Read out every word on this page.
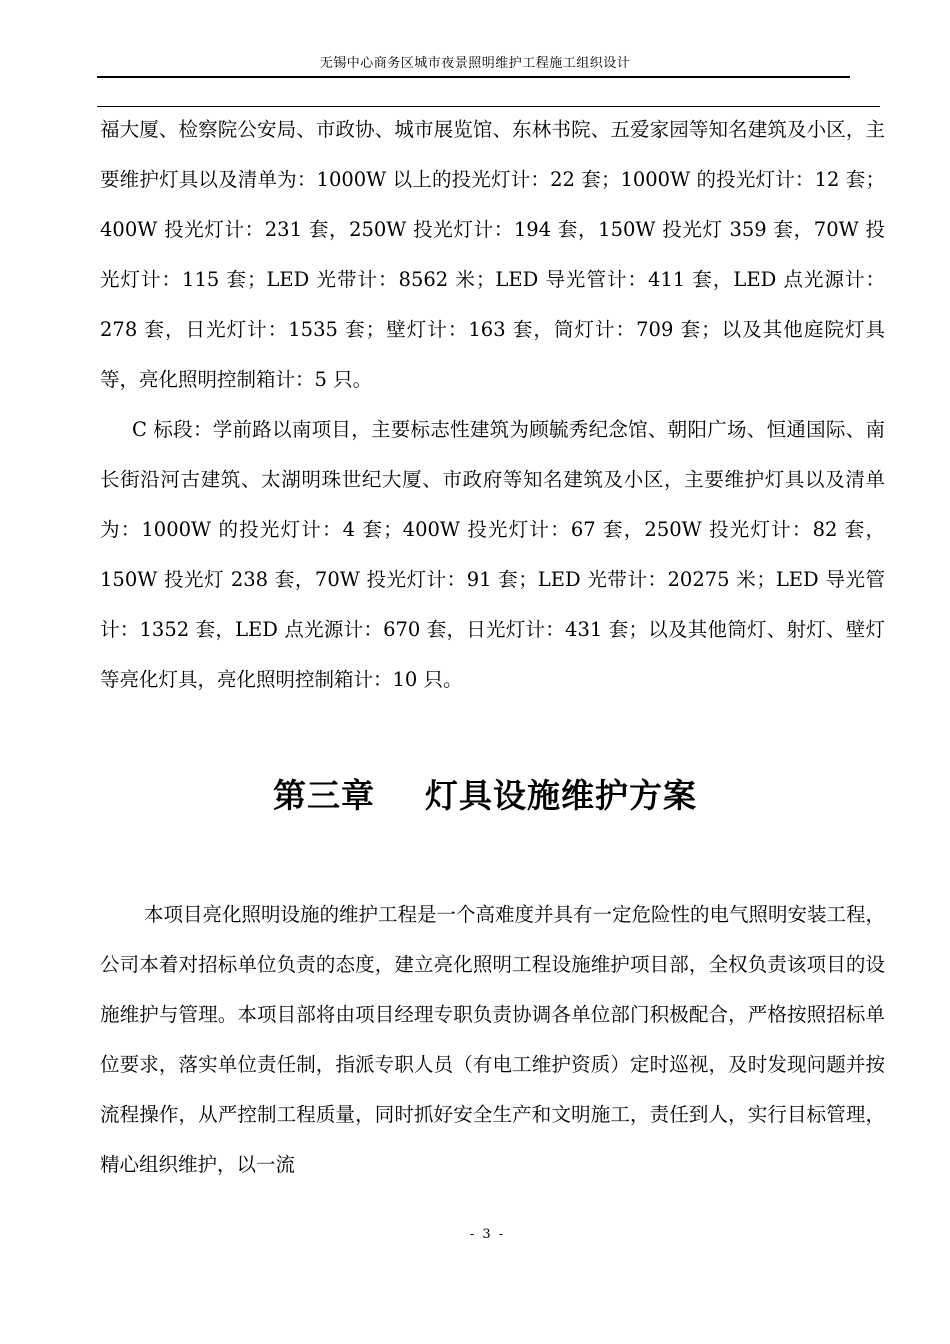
无锡中心商务区城市夜景照明维护工程施工组织设计
福大厦、检察院公安局、市政协、城市展览馆、东林书院、五爱家园等知名建筑及小区，主要维护灯具以及清单为：1000W 以上的投光灯计：22 套；1000W 的投光灯计：12 套；400W 投光灯计：231 套，250W 投光灯计：194 套，150W 投光灯 359 套，70W 投光灯计：115 套；LED 光带计：8562 米；LED 导光管计：411 套，LED 点光源计：278 套，日光灯计：1535 套；壁灯计：163 套，筒灯计：709 套；以及其他庭院灯具等，亮化照明控制箱计：5 只。
C 标段：学前路以南项目，主要标志性建筑为顾毓秀纪念馆、朝阳广场、恒通国际、南长街沿河古建筑、太湖明珠世纪大厦、市政府等知名建筑及小区，主要维护灯具以及清单为：1000W 的投光灯计：4 套；400W 投光灯计：67 套，250W 投光灯计：82 套，150W 投光灯 238 套，70W 投光灯计：91 套；LED 光带计：20275 米；LED 导光管计：1352 套，LED 点光源计：670 套，日光灯计：431 套；以及其他筒灯、射灯、壁灯等亮化灯具，亮化照明控制箱计：10 只。
第三章 灯具设施维护方案
本项目亮化照明设施的维护工程是一个高难度并具有一定危险性的电气照明安装工程，公司本着对招标单位负责的态度，建立亮化照明工程设施维护项目部，全权负责该项目的设施维护与管理。本项目部将由项目经理专职负责协调各单位部门积极配合，严格按照招标单位要求，落实单位责任制，指派专职人员（有电工维护资质）定时巡视，及时发现问题并按流程操作，从严控制工程质量，同时抓好安全生产和文明施工，责任到人，实行目标管理，精心组织维护，以一流
- 3 -
